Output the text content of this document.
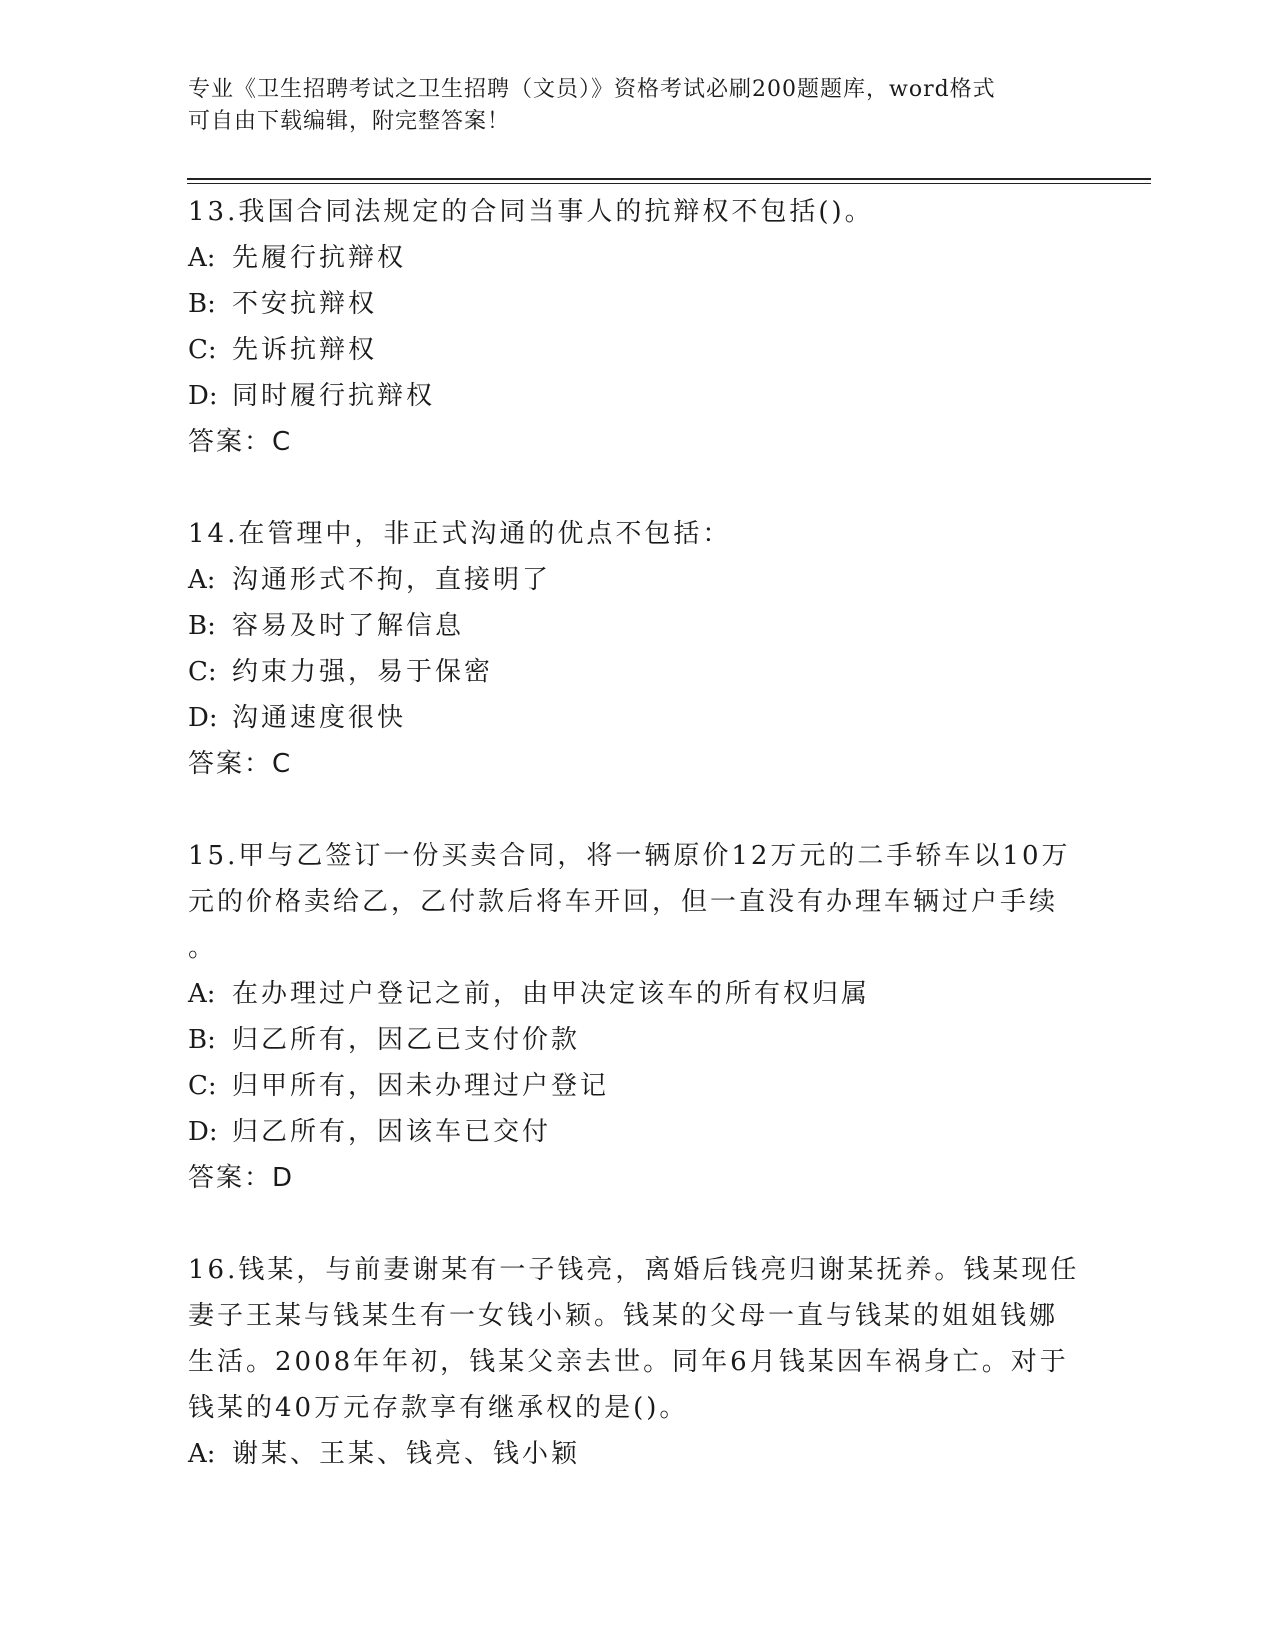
专业《卫生招聘考试之卫生招聘（文员）》资格考试必刷200题题库，word格式
可自由下载编辑，附完整答案！
13.我国合同法规定的合同当事人的抗辩权不包括()。
A: 先履行抗辩权
B: 不安抗辩权
C: 先诉抗辩权
D: 同时履行抗辩权
答案：C
14.在管理中，非正式沟通的优点不包括：
A: 沟通形式不拘，直接明了
B: 容易及时了解信息
C: 约束力强，易于保密
D: 沟通速度很快
答案：C
15.甲与乙签订一份买卖合同，将一辆原价12万元的二手轿车以10万
元的价格卖给乙，乙付款后将车开回，但一直没有办理车辆过户手续
。
A: 在办理过户登记之前，由甲决定该车的所有权归属
B: 归乙所有，因乙已支付价款
C: 归甲所有，因未办理过户登记
D: 归乙所有，因该车已交付
答案：D
16.钱某，与前妻谢某有一子钱亮，离婚后钱亮归谢某抚养。钱某现任
妻子王某与钱某生有一女钱小颖。钱某的父母一直与钱某的姐姐钱娜
生活。2008年年初，钱某父亲去世。同年6月钱某因车祸身亡。对于
钱某的40万元存款享有继承权的是()。
A: 谢某、王某、钱亮、钱小颖
